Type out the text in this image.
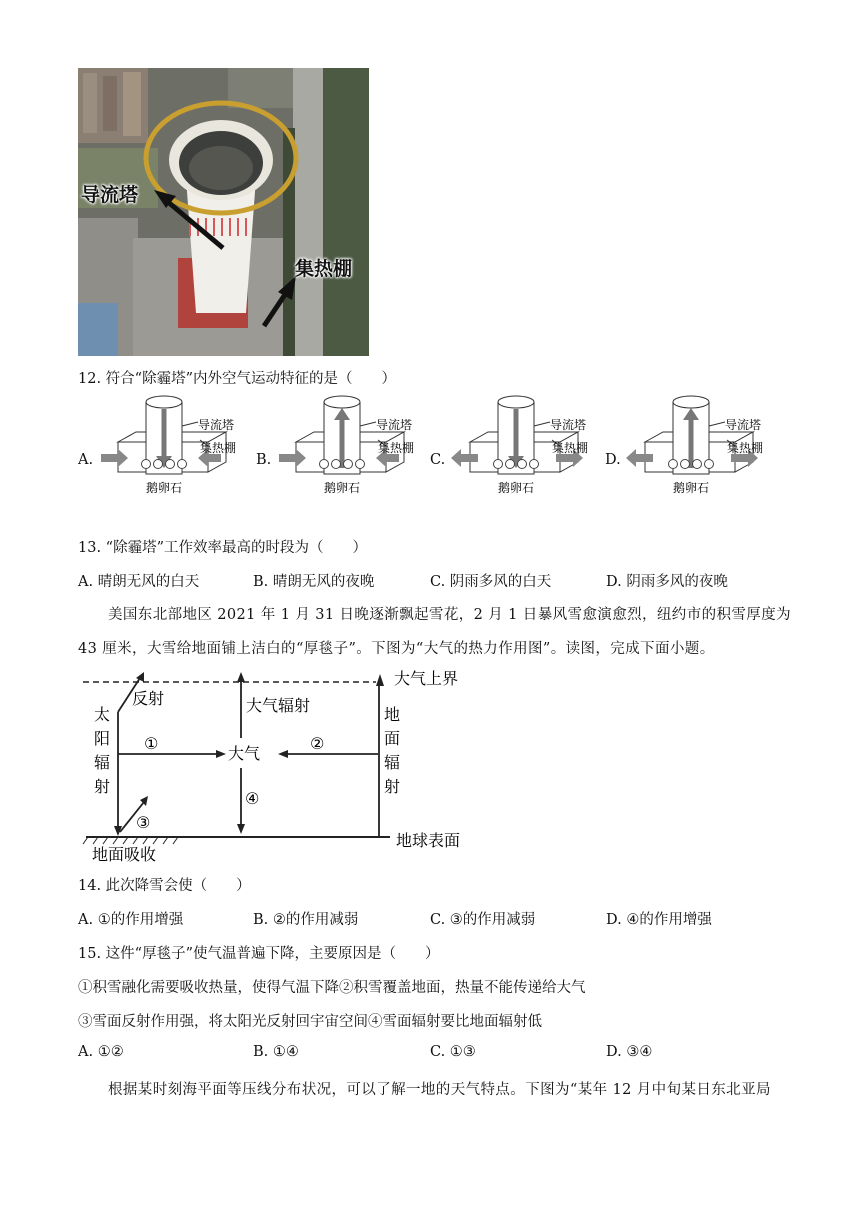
导流塔
集热棚
12. 符合“除霾塔”内外空气运动特征的是（　　）
A.
导流塔
集热棚
鹅卵石
B.
导流塔
集热棚
鹅卵石
C.
导流塔
集热棚
鹅卵石
D.
导流塔
集热棚
鹅卵石
13. “除霾塔”工作效率最高的时段为（　　）
A. 晴朗无风的白天	B. 晴朗无风的夜晚	C. 阴雨多风的白天	D. 阴雨多风的夜晚
美国东北部地区 2021 年 1 月 31 日晚逐渐飘起雪花，2 月 1 日暴风雪愈演愈烈，纽约市的积雪厚度为
43 厘米，大雪给地面铺上洁白的“厚毯子”。下图为“大气的热力作用图”。读图，完成下面小题。
大气上界
反射
太
阳
辐
射
大气辐射	地
面
辐
射
大气
①	②
③
④
地面吸收
地球表面
14. 此次降雪会使（　　）
A. ①的作用增强	B. ②的作用减弱	C. ③的作用减弱	D. ④的作用增强
15. 这件“厚毯子”使气温普遍下降，主要原因是（　　）
①积雪融化需要吸收热量，使得气温下降②积雪覆盖地面，热量不能传递给大气
③雪面反射作用强，将太阳光反射回宇宙空间④雪面辐射要比地面辐射低
A. ①②	B. ①④	C. ①③	D. ③④
根据某时刻海平面等压线分布状况，可以了解一地的天气特点。下图为“某年 12 月中旬某日东北亚局
